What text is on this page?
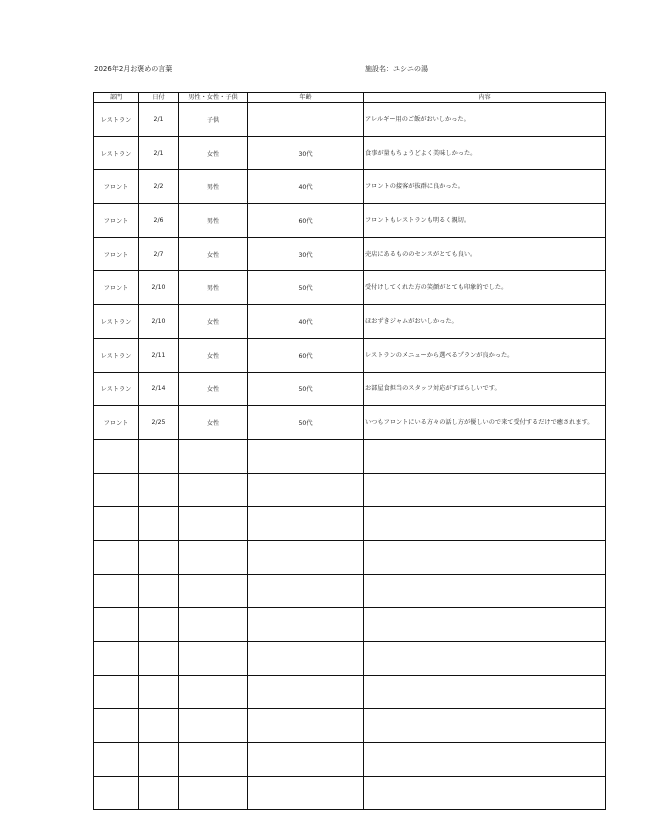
2026年2月お褒めの言葉	施設名：ユシニの湯
部門	日付	男性・女性・子供	年齢	内容
レストラン	2/1	子供		アレルギー用のご飯がおいしかった。
レストラン	2/1	女性	30代	食事が量もちょうどよく美味しかった。
フロント	2/2	男性	40代	フロントの接客が抜群に良かった。
フロント	2/6	男性	60代	フロントもレストランも明るく親切。
フロント	2/7	女性	30代	売店にあるもののセンスがとても良い。
フロント	2/10	男性	50代	受付けしてくれた方の笑顔がとても印象的でした。
レストラン	2/10	女性	40代	ほおずきジャムがおいしかった。
レストラン	2/11	女性	60代	レストランのメニューから選べるプランが良かった。
レストラン	2/14	女性	50代	お部屋食担当のスタッフ対応がすばらしいです。
フロント	2/25	女性	50代	いつもフロントにいる方々の話し方が優しいので来て受付するだけで癒されます。
